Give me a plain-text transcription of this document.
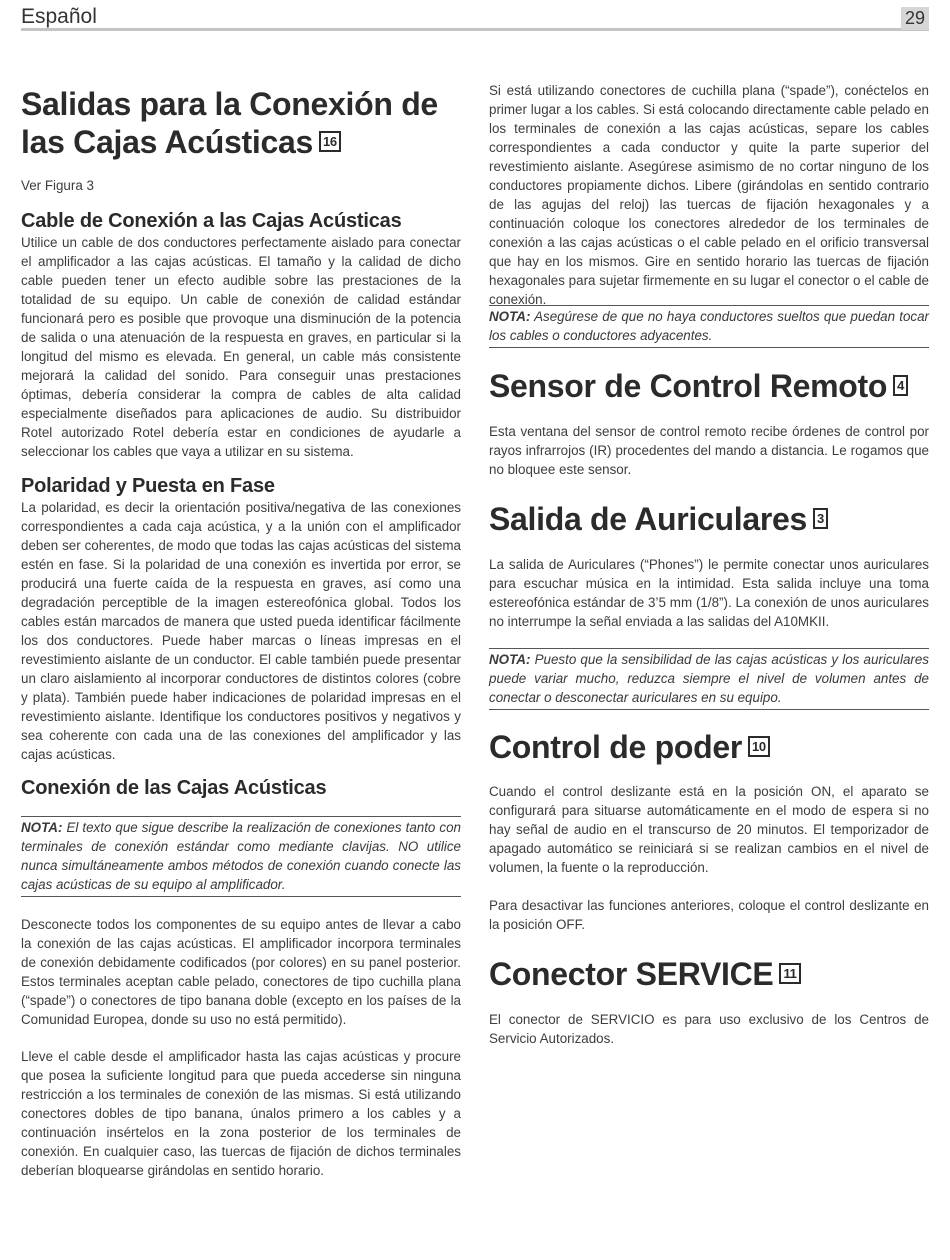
Español	29
Salidas para la Conexión de las Cajas Acústicas 16
Ver Figura 3
Cable de Conexión a las Cajas Acústicas
Utilice un cable de dos conductores perfectamente aislado para conectar el amplificador a las cajas acústicas. El tamaño y la calidad de dicho cable pueden tener un efecto audible sobre las prestaciones de la totalidad de su equipo. Un cable de conexión de calidad estándar funcionará pero es posible que provoque una disminución de la potencia de salida o una atenuación de la respuesta en graves, en particular si la longitud del mismo es elevada. En general, un cable más consistente mejorará la calidad del sonido. Para conseguir unas prestaciones óptimas, debería considerar la compra de cables de alta calidad especialmente diseñados para aplicaciones de audio. Su distribuidor Rotel autorizado Rotel debería estar en condiciones de ayudarle a seleccionar los cables que vaya a utilizar en su sistema.
Polaridad y Puesta en Fase
La polaridad, es decir la orientación positiva/negativa de las conexiones correspondientes a cada caja acústica, y a la unión con el amplificador deben ser coherentes, de modo que todas las cajas acústicas del sistema estén en fase. Si la polaridad de una conexión es invertida por error, se producirá una fuerte caída de la respuesta en graves, así como una degradación perceptible de la imagen estereofónica global. Todos los cables están marcados de manera que usted pueda identificar fácilmente los dos conductores. Puede haber marcas o líneas impresas en el revestimiento aislante de un conductor. El cable también puede presentar un claro aislamiento al incorporar conductores de distintos colores (cobre y plata). También puede haber indicaciones de polaridad impresas en el revestimiento aislante. Identifique los conductores positivos y negativos y sea coherente con cada una de las conexiones del amplificador y las cajas acústicas.
Conexión de las Cajas Acústicas
NOTA: El texto que sigue describe la realización de conexiones tanto con terminales de conexión estándar como mediante clavijas. NO utilice nunca simultáneamente ambos métodos de conexión cuando conecte las cajas acústicas de su equipo al amplificador.
Desconecte todos los componentes de su equipo antes de llevar a cabo la conexión de las cajas acústicas. El amplificador incorpora terminales de conexión debidamente codificados (por colores) en su panel posterior. Estos terminales aceptan cable pelado, conectores de tipo cuchilla plana (“spade”) o conectores de tipo banana doble (excepto en los países de la Comunidad Europea, donde su uso no está permitido).
Lleve el cable desde el amplificador hasta las cajas acústicas y procure que posea la suficiente longitud para que pueda accederse sin ninguna restricción a los terminales de conexión de las mismas. Si está utilizando conectores dobles de tipo banana, únalos primero a los cables y a continuación insértelos en la zona posterior de los terminales de conexión. En cualquier caso, las tuercas de fijación de dichos terminales deberían bloquearse girándolas en sentido horario.
Si está utilizando conectores de cuchilla plana (“spade”), conéctelos en primer lugar a los cables. Si está colocando directamente cable pelado en los terminales de conexión a las cajas acústicas, separe los cables correspondientes a cada conductor y quite la parte superior del revestimiento aislante. Asegúrese asimismo de no cortar ninguno de los conductores propiamente dichos. Libere (girándolas en sentido contrario de las agujas del reloj) las tuercas de fijación hexagonales y a continuación coloque los conectores alrededor de los terminales de conexión a las cajas acústicas o el cable pelado en el orificio transversal que hay en los mismos. Gire en sentido horario las tuercas de fijación hexagonales para sujetar firmemente en su lugar el conector o el cable de conexión.
NOTA: Asegúrese de que no haya conductores sueltos que puedan tocar los cables o conductores adyacentes.
Sensor de Control Remoto 4
Esta ventana del sensor de control remoto recibe órdenes de control por rayos infrarrojos (IR) procedentes del mando a distancia. Le rogamos que no bloquee este sensor.
Salida de Auriculares 3
La salida de Auriculares (“Phones”) le permite conectar unos auriculares para escuchar música en la intimidad. Esta salida incluye una toma estereofónica estándar de 3’5 mm (1/8”). La conexión de unos auriculares no interrumpe la señal enviada a las salidas del A10MKII.
NOTA: Puesto que la sensibilidad de las cajas acústicas y los auriculares puede variar mucho, reduzca siempre el nivel de volumen antes de conectar o desconectar auriculares en su equipo.
Control de poder 10
Cuando el control deslizante está en la posición ON, el aparato se configurará para situarse automáticamente en el modo de espera si no hay señal de audio en el transcurso de 20 minutos. El temporizador de apagado automático se reiniciará si se realizan cambios en el nivel de volumen, la fuente o la reproducción.
Para desactivar las funciones anteriores, coloque el control deslizante en la posición OFF.
Conector SERVICE 11
El conector de SERVICIO es para uso exclusivo de los Centros de Servicio Autorizados.
